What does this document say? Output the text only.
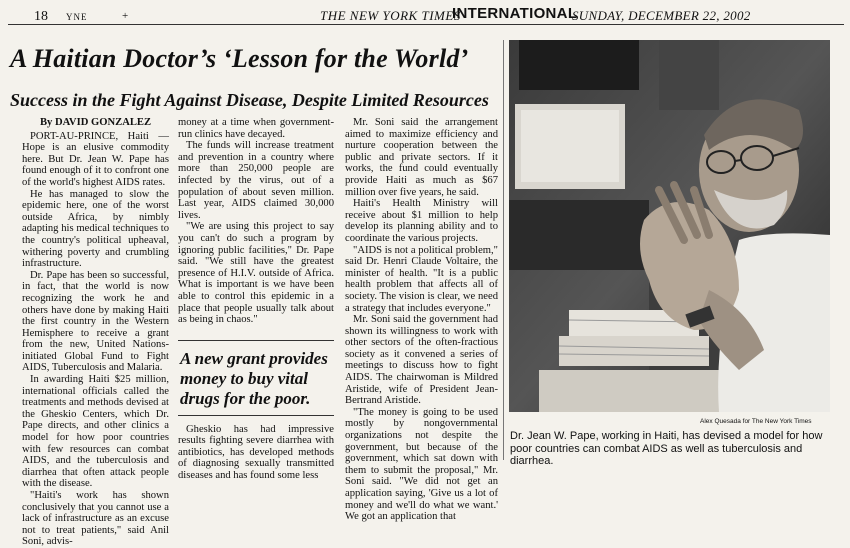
18 YNE	+	THE NEW YORK TIMES
INTERNATIONAL
SUNDAY, DECEMBER 22, 2002
A Haitian Doctor’s ‘Lesson for the World’
Success in the Fight Against Disease, Despite Limited Resources
By DAVID GONZALEZ

PORT-AU-PRINCE, Haiti — Hope is an elusive commodity here. But Dr. Jean W. Pape has found enough of it to confront one of the world's highest AIDS rates.

He has managed to slow the epidemic here, one of the worst outside Africa, by nimbly adapting his medical techniques to the country's political upheaval, withering poverty and crumbling infrastructure.

Dr. Pape has been so successful, in fact, that the world is now recognizing the work he and others have done by making Haiti the first country in the Western Hemisphere to receive a grant from the new, United Nations-initiated Global Fund to Fight AIDS, Tuberculosis and Malaria.

In awarding Haiti $25 million, international officials called the treatments and methods devised at the Gheskio Centers, which Dr. Pape directs, and other clinics a model for how poor countries with few resources can combat AIDS, and the tuberculosis and diarrhea that often attack people with the disease.

"Haiti's work has shown conclusively that you cannot use a lack of infrastructure as an excuse not to treat patients," said Anil Soni, advis-

money at a time when government-run clinics have decayed.

The funds will increase treatment and prevention in a country where more than 250,000 people are infected by the virus, out of a population of about seven million. Last year, AIDS claimed 30,000 lives.

"We are using this project to say you can't do such a program by ignoring public facilities," Dr. Pape said. "We still have the greatest presence of H.I.V. outside of Africa. What is important is we have been able to control this epidemic in a place that people usually talk about as being in chaos."

A new grant provides money to buy vital drugs for the poor.

Gheskio has had impressive results fighting severe diarrhea with antibiotics, has developed methods of diagnosing sexually transmitted diseases and has found some less

Mr. Soni said the arrangement aimed to maximize efficiency and nurture cooperation between the public and private sectors. If it works, the fund could eventually provide Haiti as much as $67 million over five years, he said.

Haiti's Health Ministry will receive about $1 million to help develop its planning ability and to coordinate the various projects.

"AIDS is not a political problem," said Dr. Henri Claude Voltaire, the minister of health. "It is a public health problem that affects all of society. The vision is clear, we need a strategy that includes everyone."

Mr. Soni said the government had shown its willingness to work with other sectors of the often-fractious society as it convened a series of meetings to discuss how to fight AIDS. The chairwoman is Mildred Aristide, wife of President Jean-Bertrand Aristide.

"The money is going to be used mostly by nongovernmental organizations not despite the government, but because of the government, which sat down with them to submit the proposal," Mr. Soni said. "We did not get an application saying, 'Give us a lot of money and we'll do what we want.' We got an application that

Alex Quesada for The New York Times
Dr. Jean W. Pape, working in Haiti, has devised a model for how poor countries can combat AIDS as well as tuberculosis and diarrhea.
